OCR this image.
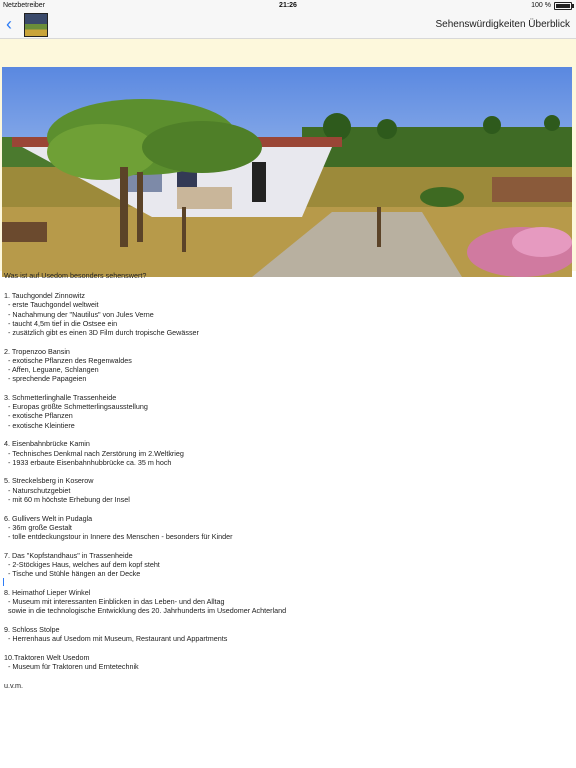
Netzbetreiber	21:26	100 %
‹	Sehenswürdigkeiten Überblick
Was ist auf Usedom besonders sehenswert?
1. Tauchgondel Zinnowitz
- erste Tauchgondel weltweit
- Nachahmung der "Nautilus" von Jules Verne
- taucht 4,5m tief in die Ostsee ein
- zusätzlich gibt es einen 3D Film durch tropische Gewässer
2. Tropenzoo Bansin
- exotische Pflanzen des Regenwaldes
- Affen, Leguane, Schlangen
- sprechende Papageien
3. Schmetterlinghalle Trassenheide
- Europas größte Schmetterlingsausstellung
- exotische Pflanzen
- exotische Kleintiere
4. Eisenbahnbrücke Kamin
- Technisches Denkmal nach Zerstörung im 2.Weltkrieg
- 1933 erbaute Eisenbahnhubbrücke ca. 35 m hoch
5. Streckelsberg in Koserow
- Naturschutzgebiet
- mit 60 m höchste Erhebung der Insel
6. Gullivers Welt in Pudagla
- 36m große Gestalt
- tolle entdeckungstour in Innere des Menschen - besonders für Kinder
7. Das "Kopfstandhaus" in Trassenheide
- 2-Stöckiges Haus, welches auf dem kopf steht
- Tische und Stühle hängen an der Decke
8. Heimathof Lieper Winkel
- Museum mit interessanten Einblicken in das Leben- und den Alltag
sowie in die technologische Entwicklung des 20. Jahrhunderts im Usedomer Achterland
9. Schloss Stolpe
- Herrenhaus auf Usedom mit Museum, Restaurant und Appartments
10.Traktoren Welt Usedom
- Museum für Traktoren und Erntetechnik
u.v.m.
